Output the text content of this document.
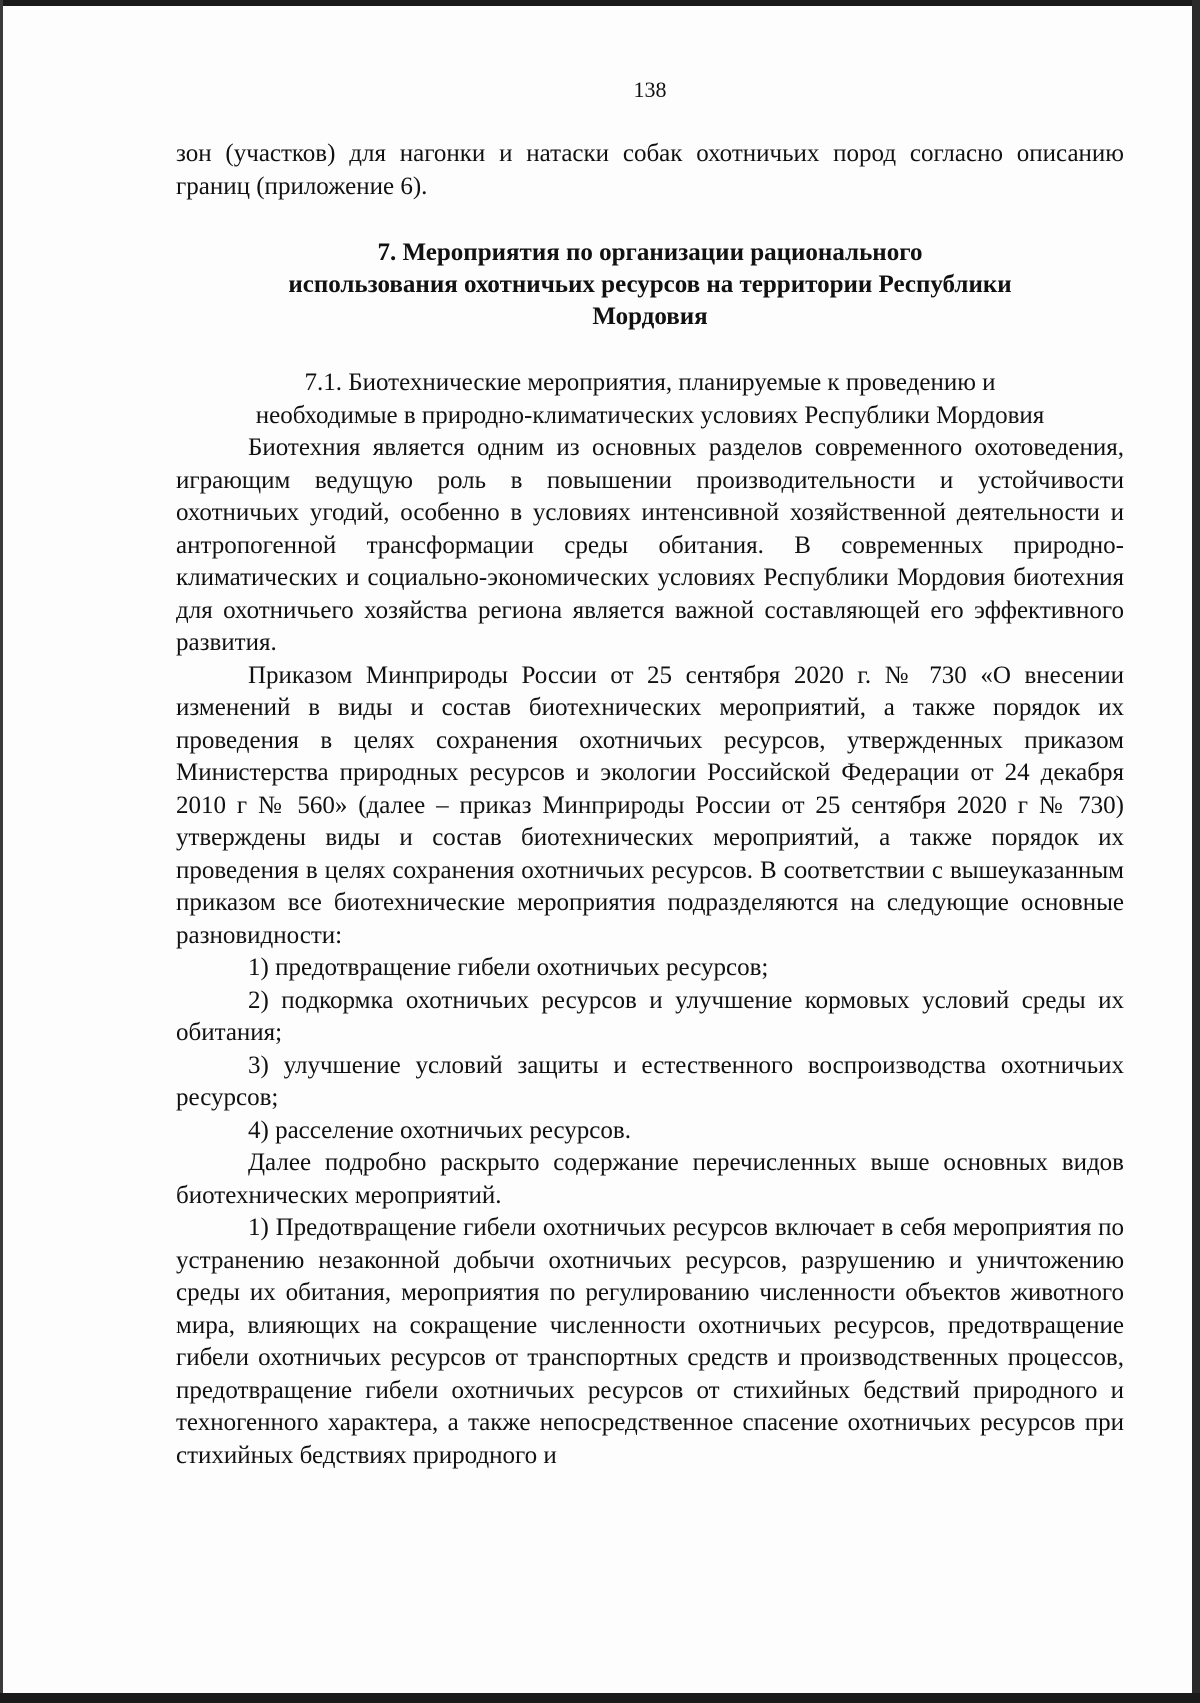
138

зон (участков) для нагонки и натаски собак охотничьих пород согласно описанию границ (приложение 6).

7. Мероприятия по организации рационального
использования охотничьих ресурсов на территории Республики
Мордовия
7.1. Биотехнические мероприятия, планируемые к проведению и
необходимые в природно-климатических условиях Республики Мордовия

Биотехния является одним из основных разделов современного охотоведения, играющим ведущую роль в повышении производительности и устойчивости охотничьих угодий, особенно в условиях интенсивной хозяйственной деятельности и антропогенной трансформации среды обитания. В современных природно-климатических и социально-экономических условиях Республики Мордовия биотехния для охотничьего хозяйства региона является важной составляющей его эффективного развития.

Приказом Минприроды России от 25 сентября 2020 г. № 730 «О внесении изменений в виды и состав биотехнических мероприятий, а также порядок их проведения в целях сохранения охотничьих ресурсов, утвержденных приказом Министерства природных ресурсов и экологии Российской Федерации от 24 декабря 2010 г № 560» (далее – приказ Минприроды России от 25 сентября 2020 г № 730) утверждены виды и состав биотехнических мероприятий, а также порядок их проведения в целях сохранения охотничьих ресурсов. В соответствии с вышеуказанным приказом все биотехнические мероприятия подразделяются на следующие основные разновидности:

1) предотвращение гибели охотничьих ресурсов;

2) подкормка охотничьих ресурсов и улучшение кормовых условий среды их обитания;

3) улучшение условий защиты и естественного воспроизводства охотничьих ресурсов;

4) расселение охотничьих ресурсов.

Далее подробно раскрыто содержание перечисленных выше основных видов биотехнических мероприятий.

1) Предотвращение гибели охотничьих ресурсов включает в себя мероприятия по устранению незаконной добычи охотничьих ресурсов, разрушению и уничтожению среды их обитания, мероприятия по регулированию численности объектов животного мира, влияющих на сокращение численности охотничьих ресурсов, предотвращение гибели охотничьих ресурсов от транспортных средств и производственных процессов, предотвращение гибели охотничьих ресурсов от стихийных бедствий природного и техногенного характера, а также непосредственное спасение охотничьих ресурсов при стихийных бедствиях природного и
